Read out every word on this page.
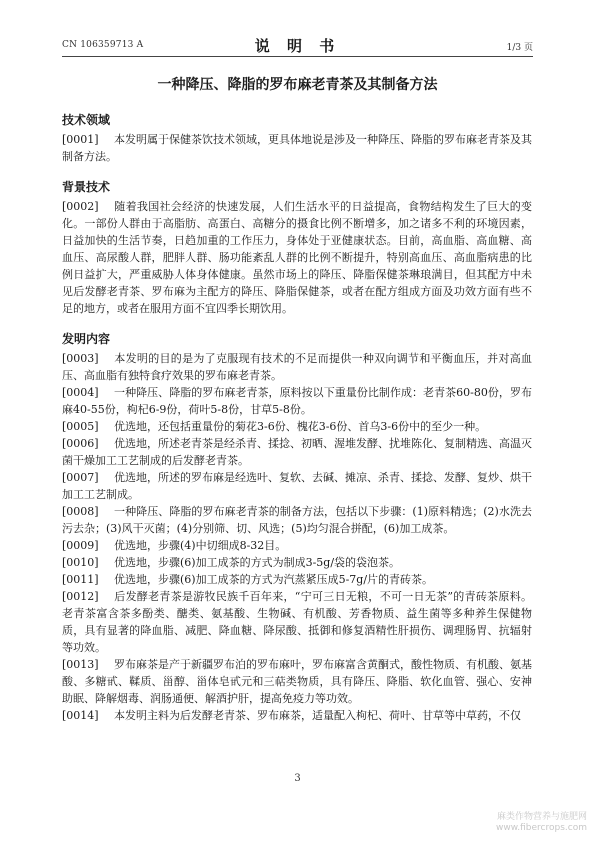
CN 106359713 A	说 明 书	1/3 页
一种降压、降脂的罗布麻老青茶及其制备方法
技术领域

[0001] 本发明属于保健茶饮技术领域，更具体地说是涉及一种降压、降脂的罗布麻老青茶及其制备方法。

背景技术

[0002] 随着我国社会经济的快速发展，人们生活水平的日益提高，食物结构发生了巨大的变化。一部份人群由于高脂肪、高蛋白、高糖分的摄食比例不断增多，加之诸多不利的环境因素，日益加快的生活节奏，日趋加重的工作压力，身体处于亚健康状态。目前，高血脂、高血糖、高血压、高尿酸人群，肥胖人群、肠功能紊乱人群的比例不断提升，特别高血压、高血脂病患的比例日益扩大，严重威胁人体身体健康。虽然市场上的降压、降脂保健茶琳琅满目，但其配方中未见后发酵老青茶、罗布麻为主配方的降压、降脂保健茶，或者在配方组成方面及功效方面有些不足的地方，或者在服用方面不宜四季长期饮用。

发明内容

[0003] 本发明的目的是为了克服现有技术的不足而提供一种双向调节和平衡血压，并对高血压、高血脂有独特食疗效果的罗布麻老青茶。

[0004] 一种降压、降脂的罗布麻老青茶，原料按以下重量份比制作成：老青茶60-80份，罗布麻40-55份，枸杞6-9份，荷叶5-8份，甘草5-8份。

[0005] 优选地，还包括重量份的菊花3-6份、槐花3-6份、首乌3-6份中的至少一种。

[0006] 优选地，所述老青茶是经杀青、揉捻、初晒、渥堆发酵、扰堆陈化、复制精选、高温灭菌干燥加工工艺制成的后发酵老青茶。

[0007] 优选地，所述的罗布麻是经选叶、复软、去碱、摊凉、杀青、揉捻、发酵、复炒、烘干加工工艺制成。

[0008] 一种降压、降脂的罗布麻老青茶的制备方法，包括以下步骤：(1)原料精选；(2)水洗去污去杂；(3)风干灭菌；(4)分别筛、切、风选；(5)均匀混合拼配，(6)加工成茶。

[0009] 优选地，步骤(4)中切细成8-32目。

[0010] 优选地，步骤(6)加工成茶的方式为制成3-5g/袋的袋泡茶。

[0011] 优选地，步骤(6)加工成茶的方式为汽蒸紧压成5-7g/片的青砖茶。

[0012] 后发酵老青茶是游牧民族千百年来，“宁可三日无粮，不可一日无茶”的青砖茶原料。老青茶富含茶多酚类、醣类、氨基酸、生物碱、有机酸、芳香物质、益生菌等多种养生保健物质，具有显著的降血脂、减肥、降血糖、降尿酸、抵御和修复酒精性肝损伤、调理肠胃、抗辐射等功效。

[0013] 罗布麻茶是产于新疆罗布泊的罗布麻叶，罗布麻富含黄酮式，酸性物质、有机酸、氨基酸、多糖甙、鞣质、甾醇、甾体皂甙元和三萜类物质，具有降压、降脂、软化血管、强心、安神助眠、降解烟毒、润肠通便、解酒护肝，提高免疫力等功效。

[0014] 本发明主料为后发酵老青茶、罗布麻茶，适量配入枸杞、荷叶、甘草等中草药，不仅

3
麻类作物营养与施肥网
www.fibercrops.com
